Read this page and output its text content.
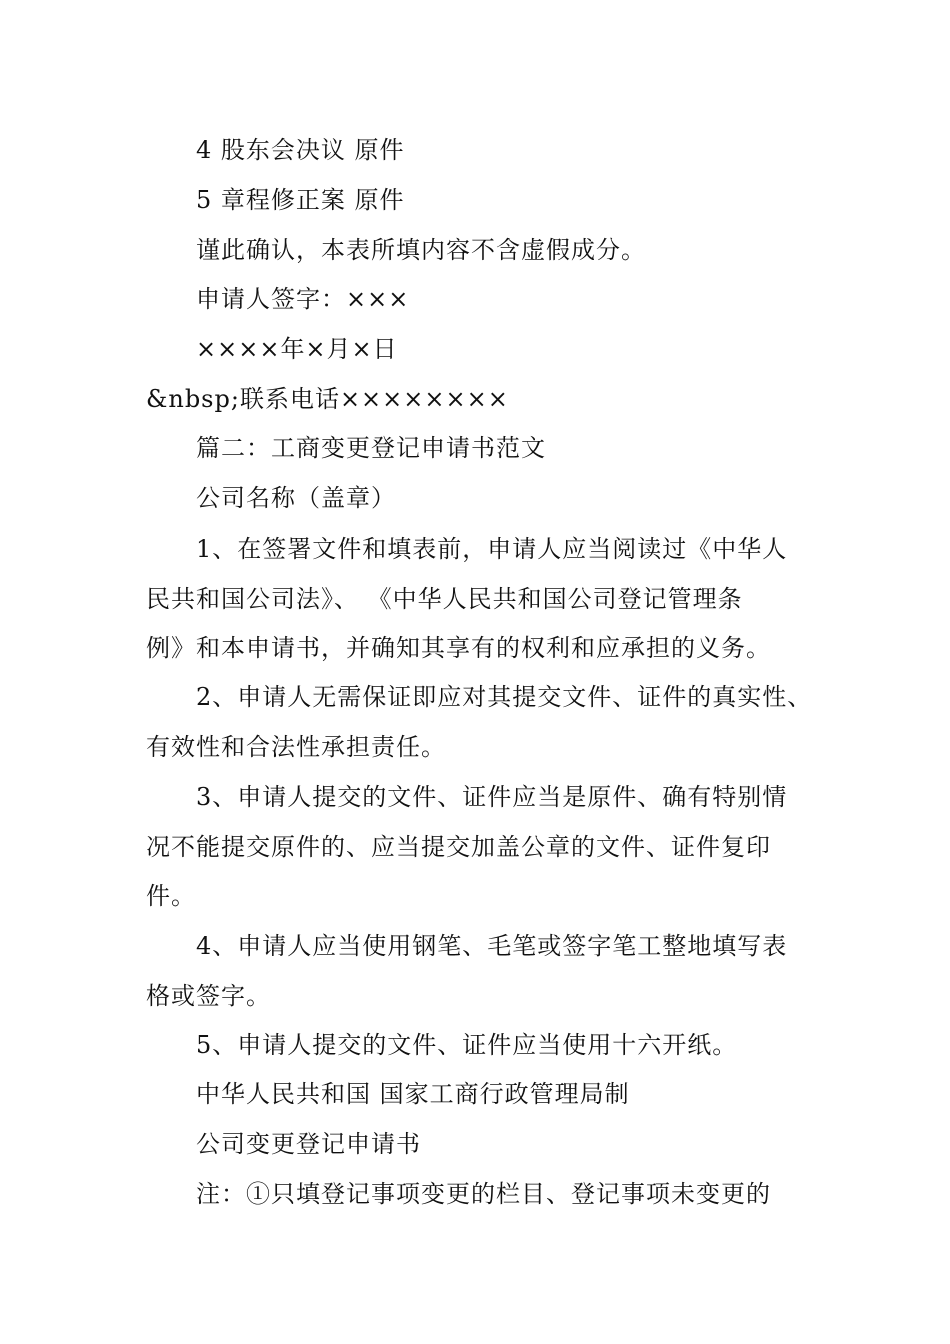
4 股东会决议 原件
5 章程修正案 原件
谨此确认，本表所填内容不含虚假成分。
申请人签字：×××
××××年×月×日
&nbsp;联系电话××××××××
篇二：工商变更登记申请书范文
公司名称（盖章）
1、在签署文件和填表前，申请人应当阅读过《中华人
民共和国公司法》、 《中华人民共和国公司登记管理条
例》和本申请书，并确知其享有的权利和应承担的义务。
2、申请人无需保证即应对其提交文件、证件的真实性、
有效性和合法性承担责任。
3、申请人提交的文件、证件应当是原件、确有特别情
况不能提交原件的、应当提交加盖公章的文件、证件复印
件。
4、申请人应当使用钢笔、毛笔或签字笔工整地填写表
格或签字。
5、申请人提交的文件、证件应当使用十六开纸。
中华人民共和国 国家工商行政管理局制
公司变更登记申请书
注：①只填登记事项变更的栏目、登记事项未变更的
